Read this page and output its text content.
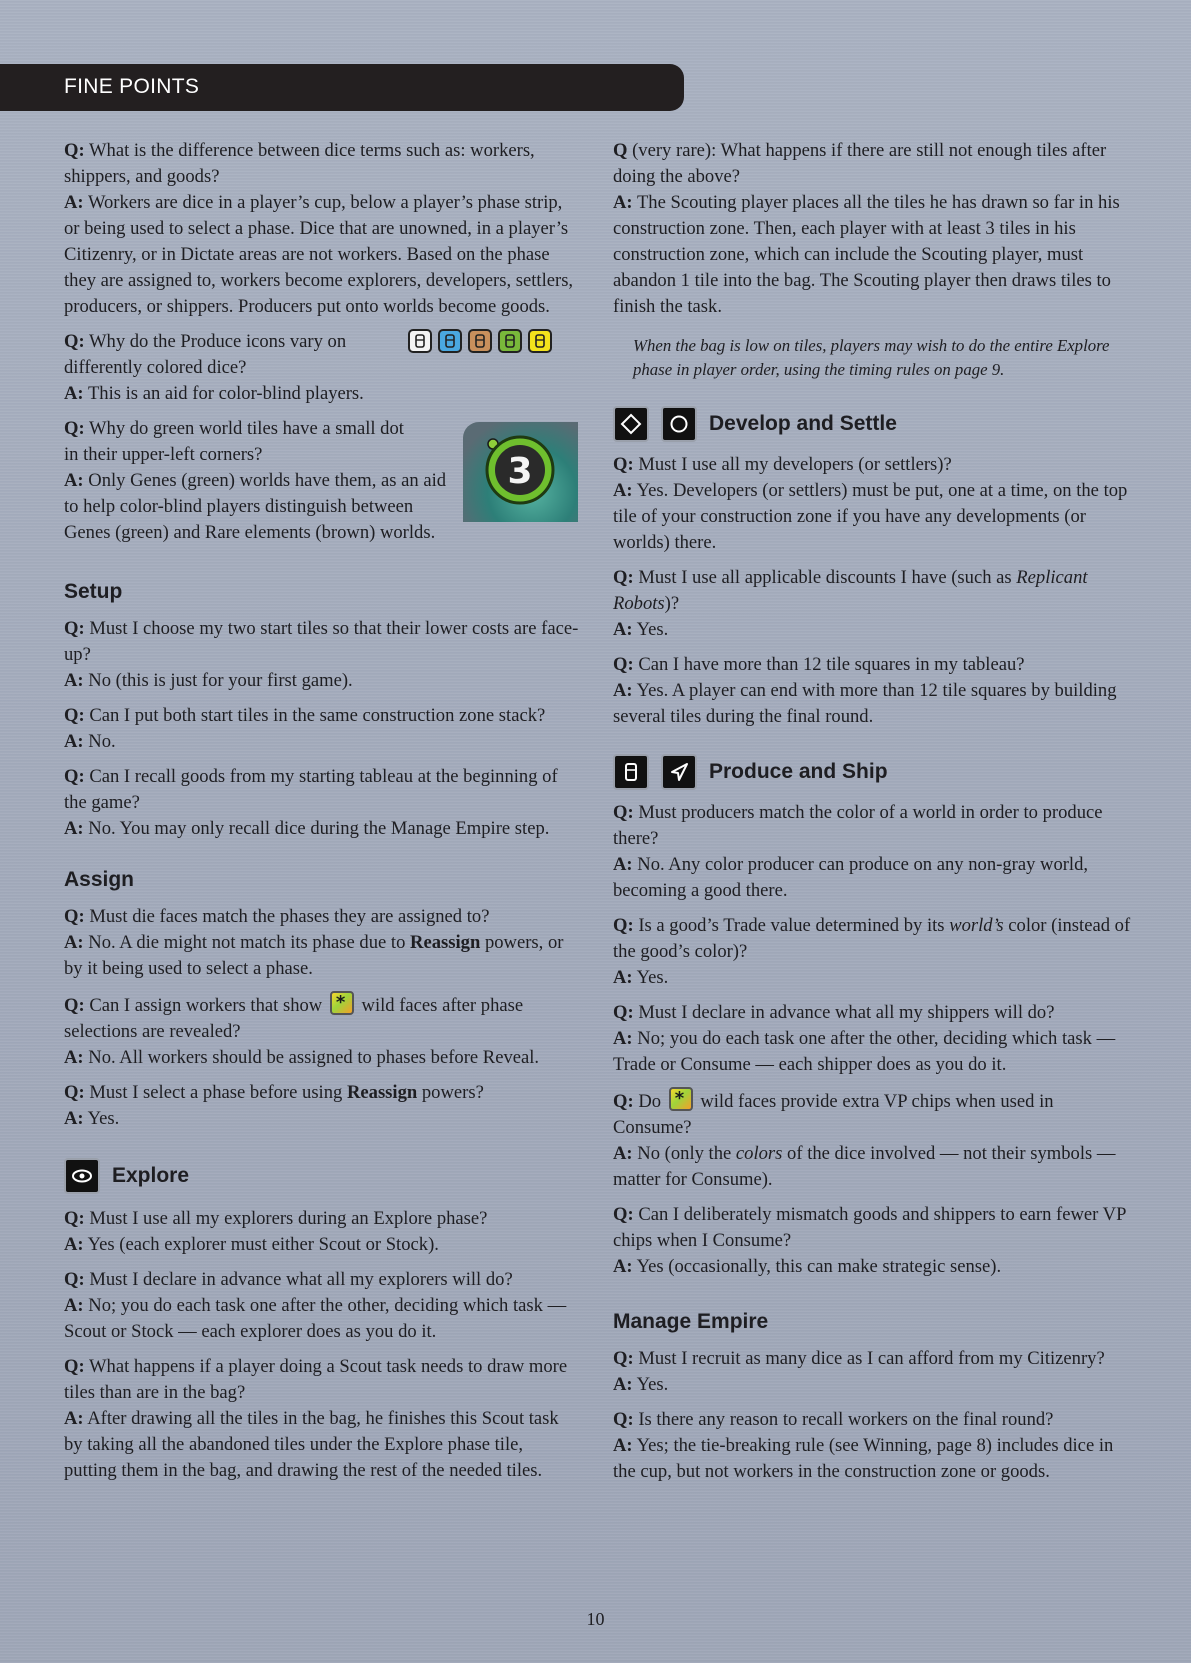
FINE POINTS
3

Q: What is the difference between dice terms such as: workers, shippers, and goods?

A: Workers are dice in a player’s cup, below a player’s phase strip, or being used to select a phase. Dice that are unowned, in a player’s Citizenry, or in Dictate areas are not workers. Based on the phase they are assigned to, workers become explorers, developers, settlers, producers, or shippers. Producers put onto worlds become goods.

Q: Why do the Produce icons vary on differently colored dice?

A: This is an aid for color-blind players.

Q: Why do green world tiles have a small dot in their upper-left corners?

A: Only Genes (green) worlds have them, as an aid to help color-blind players distinguish between Genes (green) and Rare elements (brown) worlds.

Setup

Q: Must I choose my two start tiles so that their lower costs are face-up?

A: No (this is just for your first game).

Q: Can I put both start tiles in the same construction zone stack?

A: No.

Q: Can I recall goods from my starting tableau at the beginning of the game?

A: No. You may only recall dice during the Manage Empire step.

Assign

Q: Must die faces match the phases they are assigned to?

A: No. A die might not match its phase due to Reassign powers, or by it being used to select a phase.

Q: Can I assign workers that show * wild faces after phase selections are revealed?

A: No. All workers should be assigned to phases before Reveal.

Q: Must I select a phase before using Reassign powers?

A: Yes.

Explore

Q: Must I use all my explorers during an Explore phase?

A: Yes (each explorer must either Scout or Stock).

Q: Must I declare in advance what all my explorers will do?

A: No; you do each task one after the other, deciding which task — Scout or Stock — each explorer does as you do it.

Q: What happens if a player doing a Scout task needs to draw more tiles than are in the bag?

A: After drawing all the tiles in the bag, he finishes this Scout task by taking all the abandoned tiles under the Explore phase tile, putting them in the bag, and drawing the rest of the needed tiles.

Q (very rare): What happens if there are still not enough tiles after doing the above?

A: The Scouting player places all the tiles he has drawn so far in his construction zone. Then, each player with at least 3 tiles in his construction zone, which can include the Scouting player, must abandon 1 tile into the bag. The Scouting player then draws tiles to finish the task.

When the bag is low on tiles, players may wish to do the entire Explore phase in player order, using the timing rules on page 9.

Develop and Settle

Q: Must I use all my developers (or settlers)?

A: Yes. Developers (or settlers) must be put, one at a time, on the top tile of your construction zone if you have any developments (or worlds) there.

Q: Must I use all applicable discounts I have (such as Replicant Robots)?

A: Yes.

Q: Can I have more than 12 tile squares in my tableau?

A: Yes. A player can end with more than 12 tile squares by building several tiles during the final round.

Produce and Ship

Q: Must producers match the color of a world in order to produce there?

A: No. Any color producer can produce on any non-gray world, becoming a good there.

Q: Is a good’s Trade value determined by its world’s color (instead of the good’s color)?

A: Yes.

Q: Must I declare in advance what all my shippers will do?

A: No; you do each task one after the other, deciding which task — Trade or Consume — each shipper does as you do it.

Q: Do * wild faces provide extra VP chips when used in Consume?

A: No (only the colors of the dice involved — not their symbols — matter for Consume).

Q: Can I deliberately mismatch goods and shippers to earn fewer VP chips when I Consume?

A: Yes (occasionally, this can make strategic sense).

Manage Empire

Q: Must I recruit as many dice as I can afford from my Citizenry?

A: Yes.

Q: Is there any reason to recall workers on the final round?

A: Yes; the tie-breaking rule (see Winning, page 8) includes dice in the cup, but not workers in the construction zone or goods.

10
